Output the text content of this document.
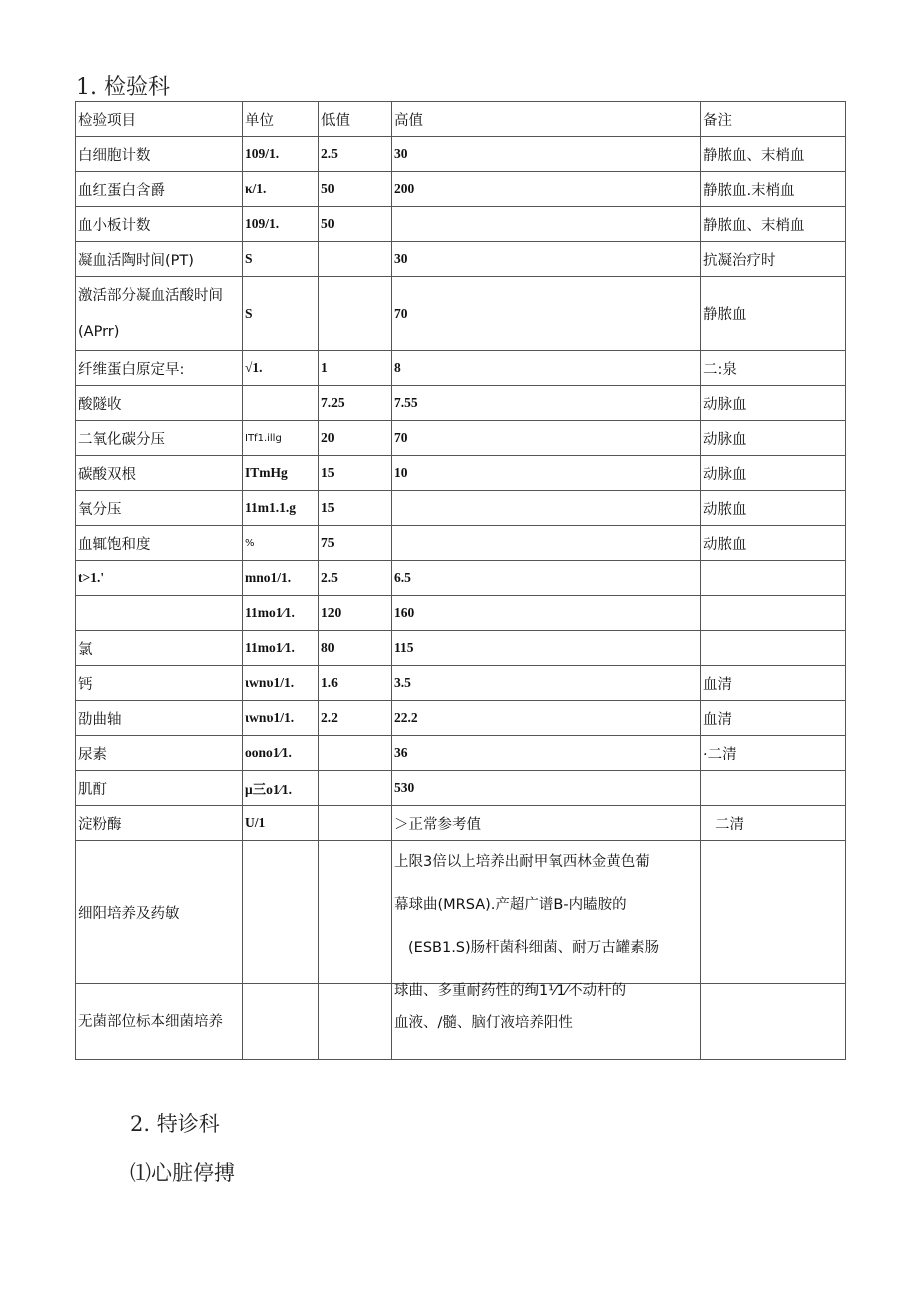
1. 检验科
检验项目	单位	低值	高值	备注
白细胞计数	109/1.	2.5	30	静脓血、末梢血
血红蛋白含爵	κ/1.	50	200	静脓血.末梢血
血小板计数	109/1.	50		静脓血、末梢血
凝血活陶时间(PT)	S		30	抗凝治疗时
激活部分凝血活酸时间(APrr)	S		70	静脓血
纤维蛋白原定早:	√1.	1	8	二:泉
酸隧收		7.25	7.55	动脉血
二氧化碳分压	ITf1.illg	20	70	动脉血
碳酸双根	ITmHg	15	10	动脉血
氧分压	11m1.1.g	15		动脓血
血辄饱和度	%	75		动脓血
t>1.'	mno1/1.	2.5	6.5	
	11mo1⁄1.	120	160	
氯	11mo1⁄1.	80	115	
钙	ιwnυ1/1.	1.6	3.5	血清
劭曲轴	ιwnυ1/1.	2.2	22.2	血清
尿素	oono1⁄1.		36	·二清
肌酊	μ三o1⁄1.		530	
淀粉酶	U/1		＞正常参考值	二清
细阳培养及药敏			上限3倍以上培养出耐甲氧西林金黄色葡
幕球曲(MRSA).产超广谱B-内瞌胺的
(ESB1.S)肠杆菌科细菌、耐万古罐素肠
球曲、多重耐药性的绚1⅟1⁄不动杆的	

无菌部位标本细菌培养			血液、/髓、脑仃液培养阳性	
2. 特诊科
⑴心脏停搏
